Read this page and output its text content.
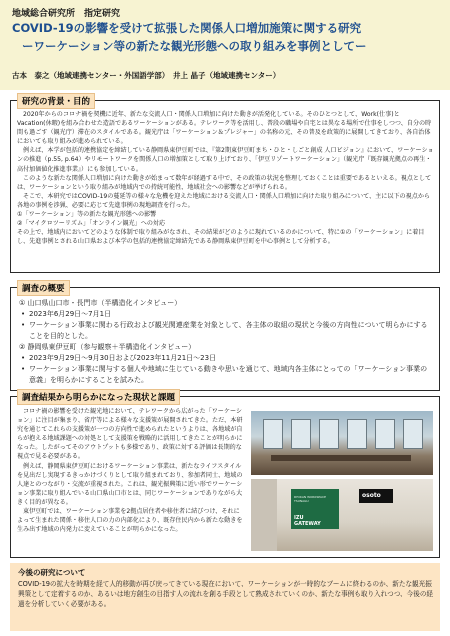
地域総合研究所　指定研究
COVID-19の影響を受けて拡張した関係人口増加施策に関する研究
ーワーケーション等の新たな観光形態への取り組みを事例としてー
古本　泰之（地域連携センター・外国語学部）　井上 晶子（地域連携センター）
研究の背景・目的

2020年からのコロナ禍を契機に近年、新たな交流人口・関係人口増加に向けた動きが活発化している。そのひとつとして、Work(仕事)とVacation(休暇)を組み合わせた造語であるワーケーションがある。テレワーク等を活用し、普段の職場や自宅とは異なる場所で仕事をしつつ、自分の時間も過ごす（観光庁）滞在のスタイルである。観光庁は「ワーケーション＆プレジャー」の名称の元、その普及を政策的に展開してきており、各自治体においても取り組みが進められている。

例えば、本学が包括的連携協定を締結している静岡県東伊豆町では、『第2期東伊豆町まち・ひと・しごと創成 人口ビジョン』において、ワーケーションの推進（p.55, p.64）やリモートワークを関係人口の増加策として取り上げており、「伊豆リゾートワーケーション」（観光庁『既存観光拠点の再生・高付加価値化推進事業』）にも参加している。

このような新たな関係人口増加に向けた動きが始まって数年が経過する中で、その政策の状況を整理しておくことは重要であるといえる。視点としては、ワーケーションという取り組みが地域内での持続可能性、地域社会への影響などが挙げられる。

そこで、本研究ではCOVID-19の蔓延等の様々な危機を迎えた地域における交流人口・関係人口増加に向けた取り組みについて、主に以下の視点から各地の事例を渉猟、必要に応じて先進事例の現地調査を行った。

①「ワーケーション」等の新たな観光形態への影響

②「マイクロツーリズム」「オンライン観光」への対応

その上で、地域内においてどのような体制で取り組みがなされ、その結果がどのように現れているのかについて、特に①の「ワーケーション」に着目し、先進事例とされる山口県および本学の包括的連携協定締結先である静岡県東伊豆町を中心事例として分析する。

調査の概要
① 山口県山口市・長門市（半構造化インタビュー）
• 2023年6月29日～7月1日
• ワーケーション事業に関わる行政および観光関連産業を対象として、各主体の取組の現状と今後の方向性について明らかにすることを目的とした。
② 静岡県東伊豆町（参与観察＋半構造化インタビュー）
• 2023年9月29日～9月30日および2023年11月21日～23日
• ワーケーション事業に関与する個人や地域に生じている動きや思いを通じて、地域内各主体にとっての「ワーケーション事業の意義」を明らかにすることを試みた。
調査結果から明らかになった現状と課題

コロナ禍の影響を受けた観光地において、テレワークから広がった「ワーケーション」に注目が集まり、省庁等による様々な支援策が展開されてきた。ただ、本研究を通じてこれらの支援策が一つの方向性で進められたというよりは、各地域が自らが抱える地域課題への対処として支援策を戦略的に活用してきたことが明らかになった。したがってそのアウトプットも多様であり、政策に対する評価は長期的な視点で見る必要がある。

例えば、静岡県東伊豆町におけるワーケーション事業は、新たなライフスタイルを見出だし実現するきっかけづくりとして取り組まれており、参加者同士、地域の人達とのつながり・交流が重視された。これは、観光振興策に近い形でワーケーション事業に取り組んでいる山口県山口市とは、同じワーケーションでありながら大きく目的が異なる。

東伊豆町では、ワーケーション事業を2拠点居住者や移住者に結びつけ、それによって生まれた関係・移住人口の力の内部化により、既存住民内から新たな動きを生み出す地域の内発力に変えていることが明らかになった。

RYOKAN WORKSPACE
TSUNAGU
IZU
GATEWAY
osoto
今後の研究について
COVID-19の拡大を時期を経て人的移動が再び戻ってきている現在において、ワーケーションが一時的なブームに終わるのか、新たな観光振興策として定着するのか、あるいは地方創生の目指す人の流れを創る手段として熟成されていくのか、新たな事例も取り入れつつ、今後の経過を分析していく必要がある。
